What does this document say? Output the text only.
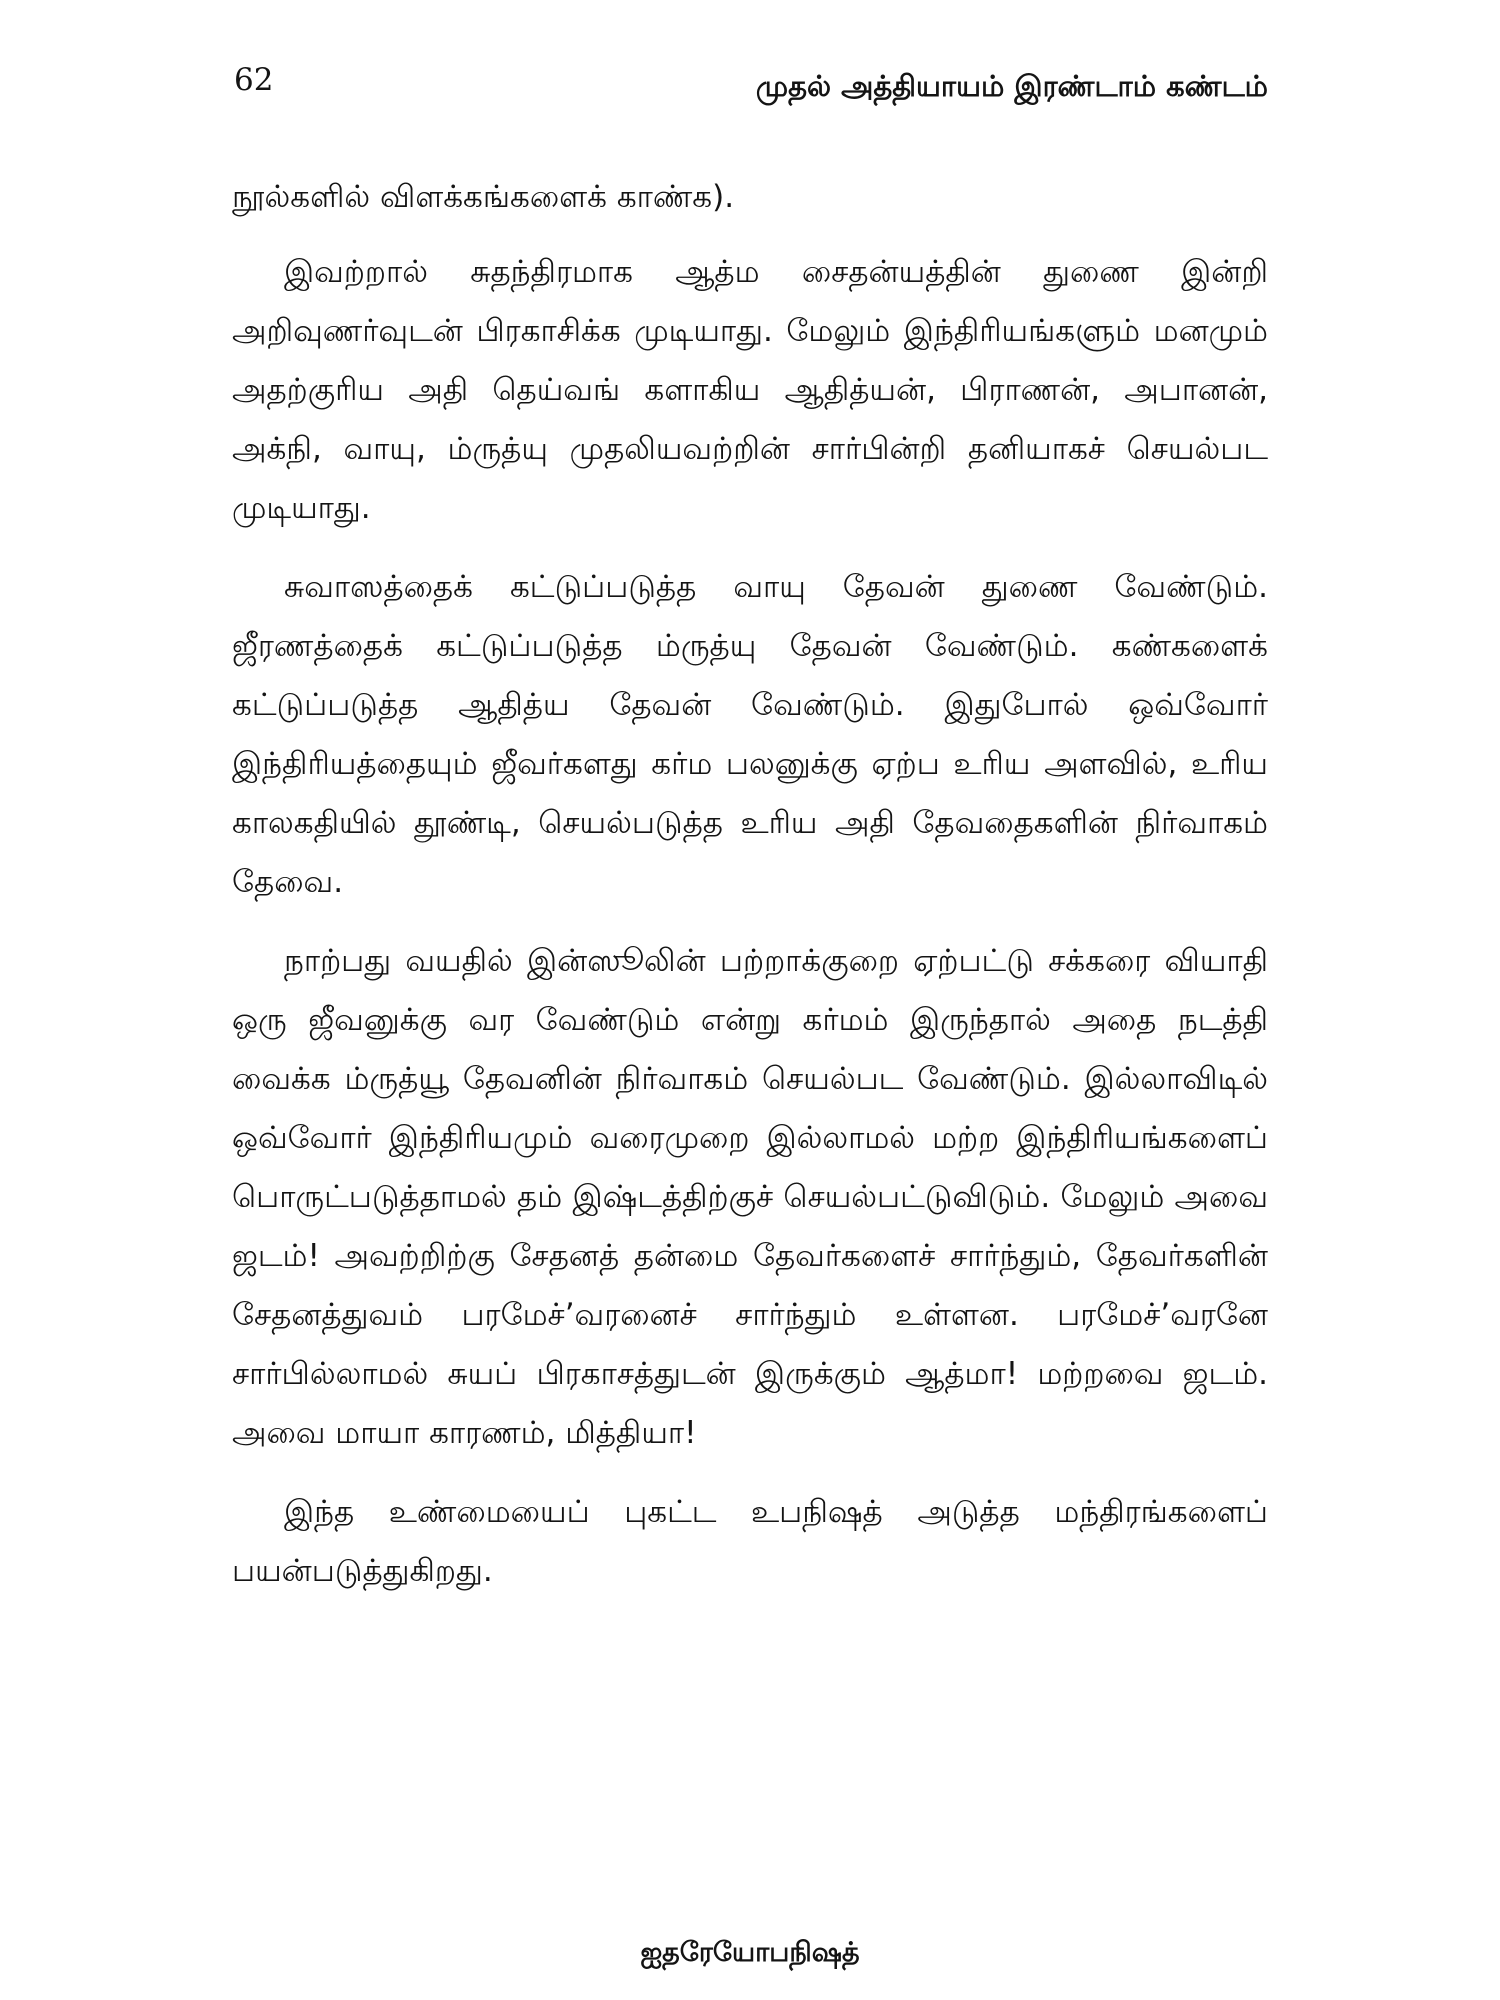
62	முதல் அத்தியாயம் இரண்டாம் கண்டம்

நூல்களில் விளக்கங்களைக் காண்க).

இவற்றால் சுதந்திரமாக ஆத்ம சைதன்யத்தின் துணை இன்றி அறிவுணர்வுடன் பிரகாசிக்க முடியாது. மேலும் இந்திரியங்களும் மனமும் அதற்குரிய அதி தெய்வங் களாகிய ஆதித்யன், பிராணன், அபானன், அக்நி, வாயு, ம்ருத்யு முதலியவற்றின் சார்பின்றி தனியாகச் செயல்பட முடியாது.

சுவாஸத்தைக் கட்டுப்படுத்த வாயு தேவன் துணை வேண்டும். ஜீரணத்தைக் கட்டுப்படுத்த ம்ருத்யு தேவன் வேண்டும். கண்களைக் கட்டுப்படுத்த ஆதித்ய தேவன் வேண்டும். இதுபோல் ஒவ்வோர் இந்திரியத்தையும் ஜீவர்களது கர்ம பலனுக்கு ஏற்ப உரிய அளவில், உரிய காலகதியில் தூண்டி, செயல்படுத்த உரிய அதி தேவதைகளின் நிர்வாகம் தேவை.

நாற்பது வயதில் இன்ஸூலின் பற்றாக்குறை ஏற்பட்டு சக்கரை வியாதி ஒரு ஜீவனுக்கு வர வேண்டும் என்று கர்மம் இருந்தால் அதை நடத்தி வைக்க ம்ருத்யூ தேவனின் நிர்வாகம் செயல்பட வேண்டும். இல்லாவிடில் ஒவ்வோர் இந்திரியமும் வரைமுறை இல்லாமல் மற்ற இந்திரியங்களைப் பொருட்படுத்தாமல் தம் இஷ்டத்திற்குச் செயல்பட்டுவிடும். மேலும் அவை ஜடம்! அவற்றிற்கு சேதனத் தன்மை தேவர்களைச் சார்ந்தும், தேவர்களின் சேதனத்துவம் பரமேச்’வரனைச் சார்ந்தும் உள்ளன. பரமேச்’வரனே சார்பில்லாமல் சுயப் பிரகாசத்துடன் இருக்கும் ஆத்மா! மற்றவை ஜடம். அவை மாயா காரணம், மித்தியா!

இந்த உண்மையைப் புகட்ட உபநிஷத் அடுத்த மந்திரங்களைப் பயன்படுத்துகிறது.

ஐதரேயோபநிஷத்
